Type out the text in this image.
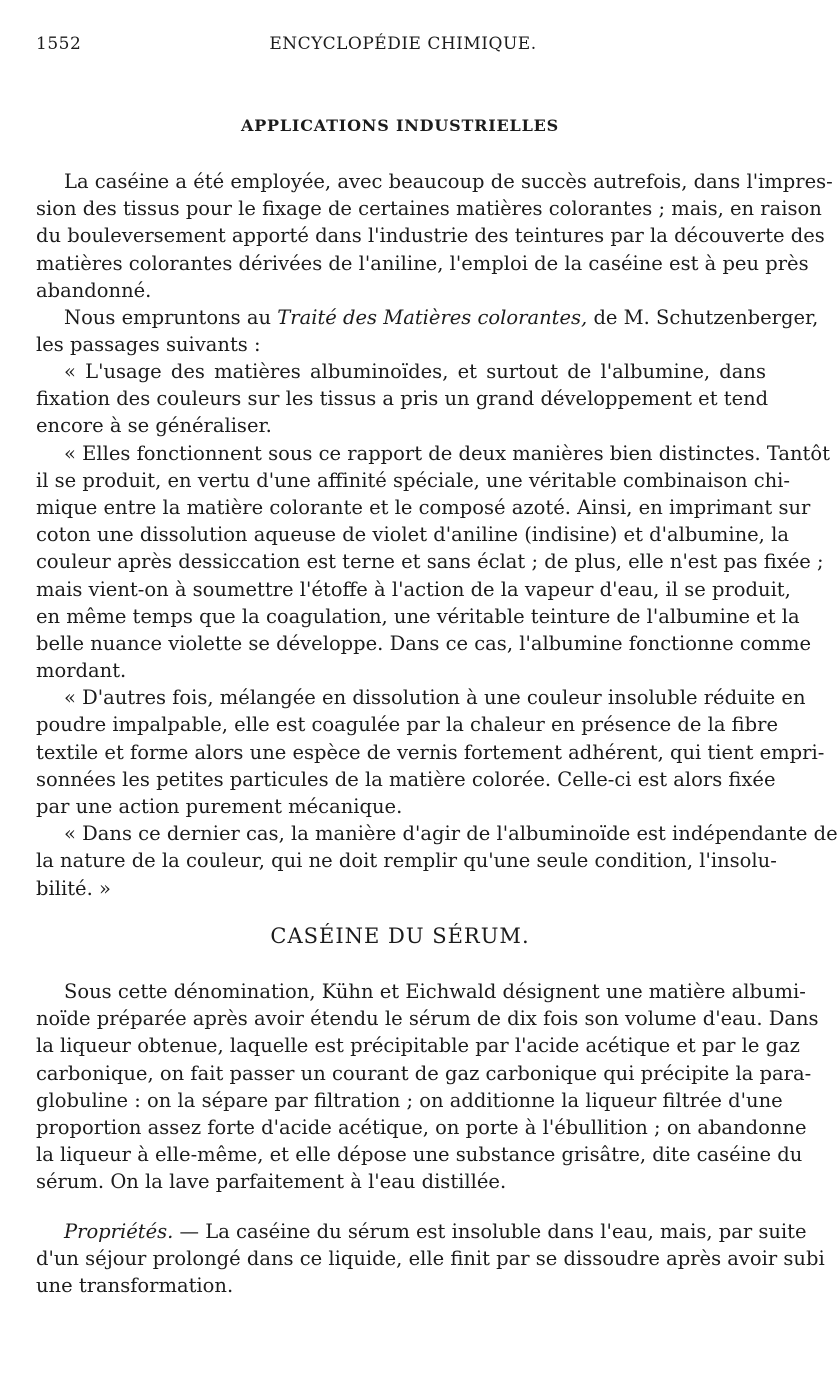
1552	ENCYCLOPÉDIE CHIMIQUE.
APPLICATIONS INDUSTRIELLES
La caséine a été employée, avec beaucoup de succès autrefois, dans l'impres-
sion des tissus pour le fixage de certaines matières colorantes ; mais, en raison
du bouleversement apporté dans l'industrie des teintures par la découverte des
matières colorantes dérivées de l'aniline, l'emploi de la caséine est à peu près
abandonné.
Nous empruntons au Traité des Matières colorantes, de M. Schutzenberger,
les passages suivants :
« L'usage des matières albuminoïdes, et surtout de l'albumine, dans
fixation des couleurs sur les tissus a pris un grand développement et tend
encore à se généraliser.
« Elles fonctionnent sous ce rapport de deux manières bien distinctes. Tantôt
il se produit, en vertu d'une affinité spéciale, une véritable combinaison chi-
mique entre la matière colorante et le composé azoté. Ainsi, en imprimant sur
coton une dissolution aqueuse de violet d'aniline (indisine) et d'albumine, la
couleur après dessiccation est terne et sans éclat ; de plus, elle n'est pas fixée ;
mais vient-on à soumettre l'étoffe à l'action de la vapeur d'eau, il se produit,
en même temps que la coagulation, une véritable teinture de l'albumine et la
belle nuance violette se développe. Dans ce cas, l'albumine fonctionne comme
mordant.
« D'autres fois, mélangée en dissolution à une couleur insoluble réduite en
poudre impalpable, elle est coagulée par la chaleur en présence de la fibre
textile et forme alors une espèce de vernis fortement adhérent, qui tient empri-
sonnées les petites particules de la matière colorée. Celle-ci est alors fixée
par une action purement mécanique.
« Dans ce dernier cas, la manière d'agir de l'albuminoïde est indépendante de
la nature de la couleur, qui ne doit remplir qu'une seule condition, l'insolu-
bilité. »
CASÉINE DU SÉRUM.
Sous cette dénomination, Kühn et Eichwald désignent une matière albumi-
noïde préparée après avoir étendu le sérum de dix fois son volume d'eau. Dans
la liqueur obtenue, laquelle est précipitable par l'acide acétique et par le gaz
carbonique, on fait passer un courant de gaz carbonique qui précipite la para-
globuline : on la sépare par filtration ; on additionne la liqueur filtrée d'une
proportion assez forte d'acide acétique, on porte à l'ébullition ; on abandonne
la liqueur à elle-même, et elle dépose une substance grisâtre, dite caséine du
sérum. On la lave parfaitement à l'eau distillée.
Propriétés. — La caséine du sérum est insoluble dans l'eau, mais, par suite
d'un séjour prolongé dans ce liquide, elle finit par se dissoudre après avoir subi
une transformation.
